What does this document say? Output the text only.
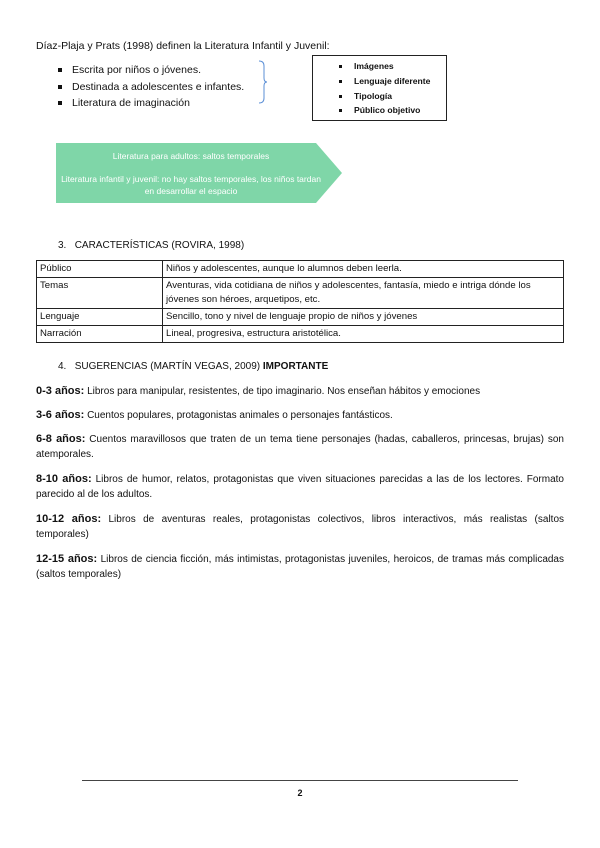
Díaz-Plaja y Prats (1998) definen la Literatura Infantil y Juvenil:
Escrita por niños o jóvenes.
Destinada a adolescentes e infantes.
Literatura de imaginación
Imágenes
Lenguaje diferente
Tipología
Público objetivo
Literatura para adultos: saltos temporales
Literatura infantil y juvenil: no hay saltos temporales, los niños tardan en desarrollar el espacio
3. CARACTERÍSTICAS (ROVIRA, 1998)
Público	Niños y adolescentes, aunque lo alumnos deben leerla.
Temas	Aventuras, vida cotidiana de niños y adolescentes, fantasía, miedo e intriga dónde los jóvenes son héroes, arquetipos, etc.
Lenguaje	Sencillo, tono y nivel de lenguaje propio de niños y jóvenes
Narración	Lineal, progresiva, estructura aristotélica.
4. SUGERENCIAS (MARTÍN VEGAS, 2009) IMPORTANTE
0-3 años: Libros para manipular, resistentes, de tipo imaginario. Nos enseñan hábitos y emociones
3-6 años: Cuentos populares, protagonistas animales o personajes fantásticos.
6-8 años: Cuentos maravillosos que traten de un tema tiene personajes (hadas, caballeros, princesas, brujas) son atemporales.
8-10 años: Libros de humor, relatos, protagonistas que viven situaciones parecidas a las de los lectores. Formato parecido al de los adultos.
10-12 años: Libros de aventuras reales, protagonistas colectivos, libros interactivos, más realistas (saltos temporales)
12-15 años: Libros de ciencia ficción, más intimistas, protagonistas juveniles, heroicos, de tramas más complicadas (saltos temporales)
2
